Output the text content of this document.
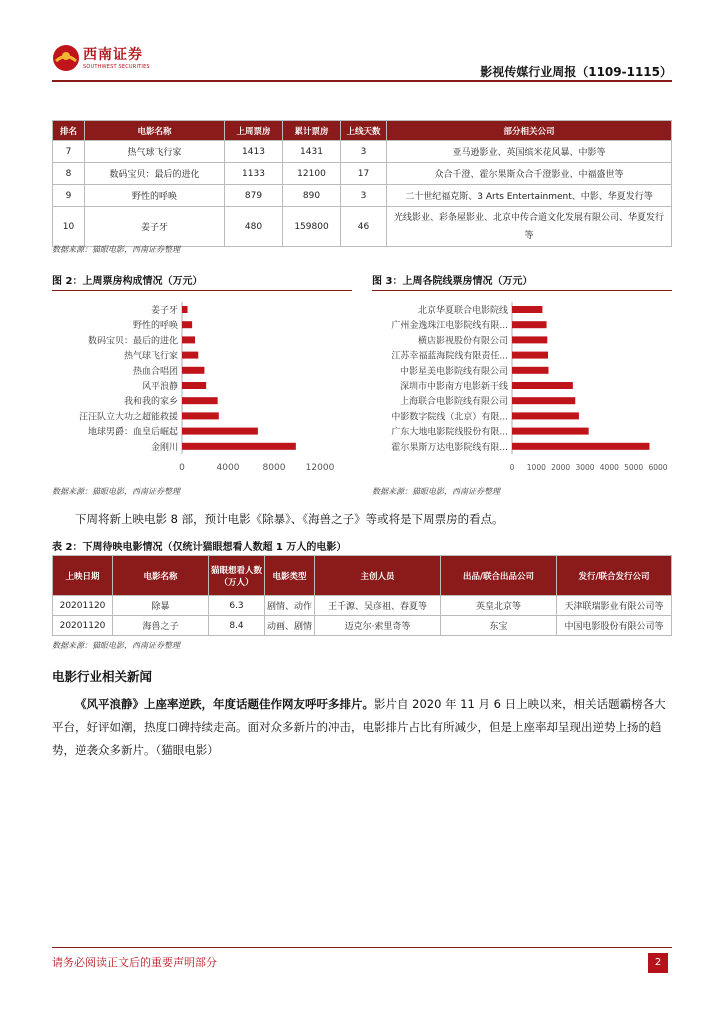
西南证券
SOUTHWEST SECURITIES	影视传媒行业周报（1109-1115）
排名	电影名称	上周票房	累计票房	上线天数	部分相关公司
7	热气球飞行家	1413	1431	3	亚马逊影业、英国缤米花风暴、中影等
8	数码宝贝：最后的进化	1133	12100	17	众合千澄、霍尔果斯众合千澄影业、中福盛世等
9	野性的呼唤	879	890	3	二十世纪福克斯、3 Arts Entertainment、中影、华夏发行等
10	姜子牙	480	159800	46	光线影业、彩条屋影业、北京中传合道文化发展有限公司、华夏发行等
数据来源：猫眼电影，西南证券整理
图 2：上周票房构成情况（万元）	图 3：上周各院线票房情况（万元）
姜子牙
野性的呼唤
数码宝贝：最后的进化
热气球飞行家
热血合唱团
风平浪静
我和我的家乡
汪汪队立大功之超能救援
地球男爵：血皇后崛起
金刚川
0	4000	8000 12000
北京华夏联合电影院线
广州金逸珠江电影院线有限...
横店影视股份有限公司
江苏幸福蓝海院线有限责任...
中影星美电影院线有限公司
深圳市中影南方电影新干线
上海联合电影院线有限公司
中影数字院线（北京）有限...
广东大地电影院线股份有限...
霍尔果斯万达电影院线有限...
0 1000 2000 3000 4000 5000 6000
数据来源：猫眼电影，西南证券整理	数据来源：猫眼电影，西南证券整理
下周将新上映电影 8 部，预计电影《除暴》、《海兽之子》等或将是下周票房的看点。
表 2：下周待映电影情况（仅统计猫眼想看人数超 1 万人的电影）
上映日期	电影名称	猫眼想看人数（万人）	电影类型	主创人员	出品/联合出品公司	发行/联合发行公司
20201120	除暴	6.3	剧情、动作	王千源、吴彦祖、春夏等	英皇北京等	天津联瑞影业有限公司等
20201120	海兽之子	8.4	动画、剧情	迈克尔·索里奇等	东宝	中国电影股份有限公司等
数据来源：猫眼电影，西南证券整理
电影行业相关新闻
《风平浪静》上座率逆跌，年度话题佳作网友呼吁多排片。影片自 2020 年 11 月 6 日上映以来，相关话题霸榜各大平台，好评如潮，热度口碑持续走高。面对众多新片的冲击，电影排片占比有所减少，但是上座率却呈现出逆势上扬的趋势，逆袭众多新片。（猫眼电影）
请务必阅读正文后的重要声明部分	2
